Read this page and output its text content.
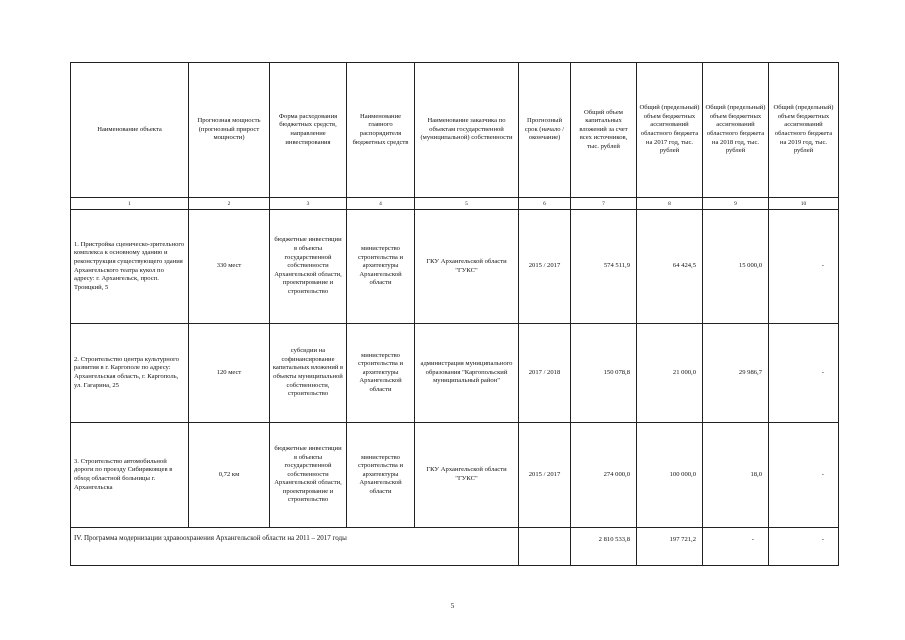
Наименование объекта	Прогнозная мощность (прогнозный прирост мощности)	Форма расходования бюджетных средств, направление инвестирования	Наименование главного распорядителя бюджетных средств	Наименование заказчика по объектам государственной (муниципальной) собственности	Прогнозный срок (начало / окончание)	Общий объем капитальных вложений за счет всех источников, тыс. рублей	Общий (предельный) объем бюджетных ассигнований областного бюджета на 2017 год, тыс. рублей	Общий (предельный) объем бюджетных ассигнований областного бюджета на 2018 год, тыс. рублей	Общий (предельный) объем бюджетных ассигнований областного бюджета на 2019 год, тыс. рублей
1	2	3	4	5	6	7	8	9	10
1. Пристройка сценическо-зрительного комплекса к основному зданию и реконструкция существующего здания Архангельского театра кукол по адресу: г. Архангельск, просп. Троицкий, 5	330 мест	бюджетные инвестиции в объекты государственной собственности Архангельской области, проектирование и строительство	министерство строительства и архитектуры Архангельской области	ГКУ Архангельской области "ГУКС"	2015 / 2017	574 511,9	64 424,5	15 000,0	-
2. Строительство центра культурного развития в г. Каргополе по адресу: Архангельская область, г. Каргополь, ул. Гагарина, 25	120 мест	субсидии на софинансирование капитальных вложений в объекты муниципальной собственности, строительство	министерство строительства и архитектуры Архангельской области	администрация муниципального образования "Каргопольский муниципальный район"	2017 / 2018	150 078,8	21 000,0	29 986,7	-
3. Строительство автомобильной дороги по проезду Сибиряковцев в обход областной больницы г. Архангельска	0,72 км	бюджетные инвестиции в объекты государственной собственности Архангельской области, проектирование и строительство	министерство строительства и архитектуры Архангельской области	ГКУ Архангельской области "ГУКС"	2015 / 2017	274 000,0	100 000,0	18,0	-
IV. Программа модернизации здравоохранения Архангельской области на 2011 – 2017 годы						2 810 533,8	197 721,2	-	-
5
